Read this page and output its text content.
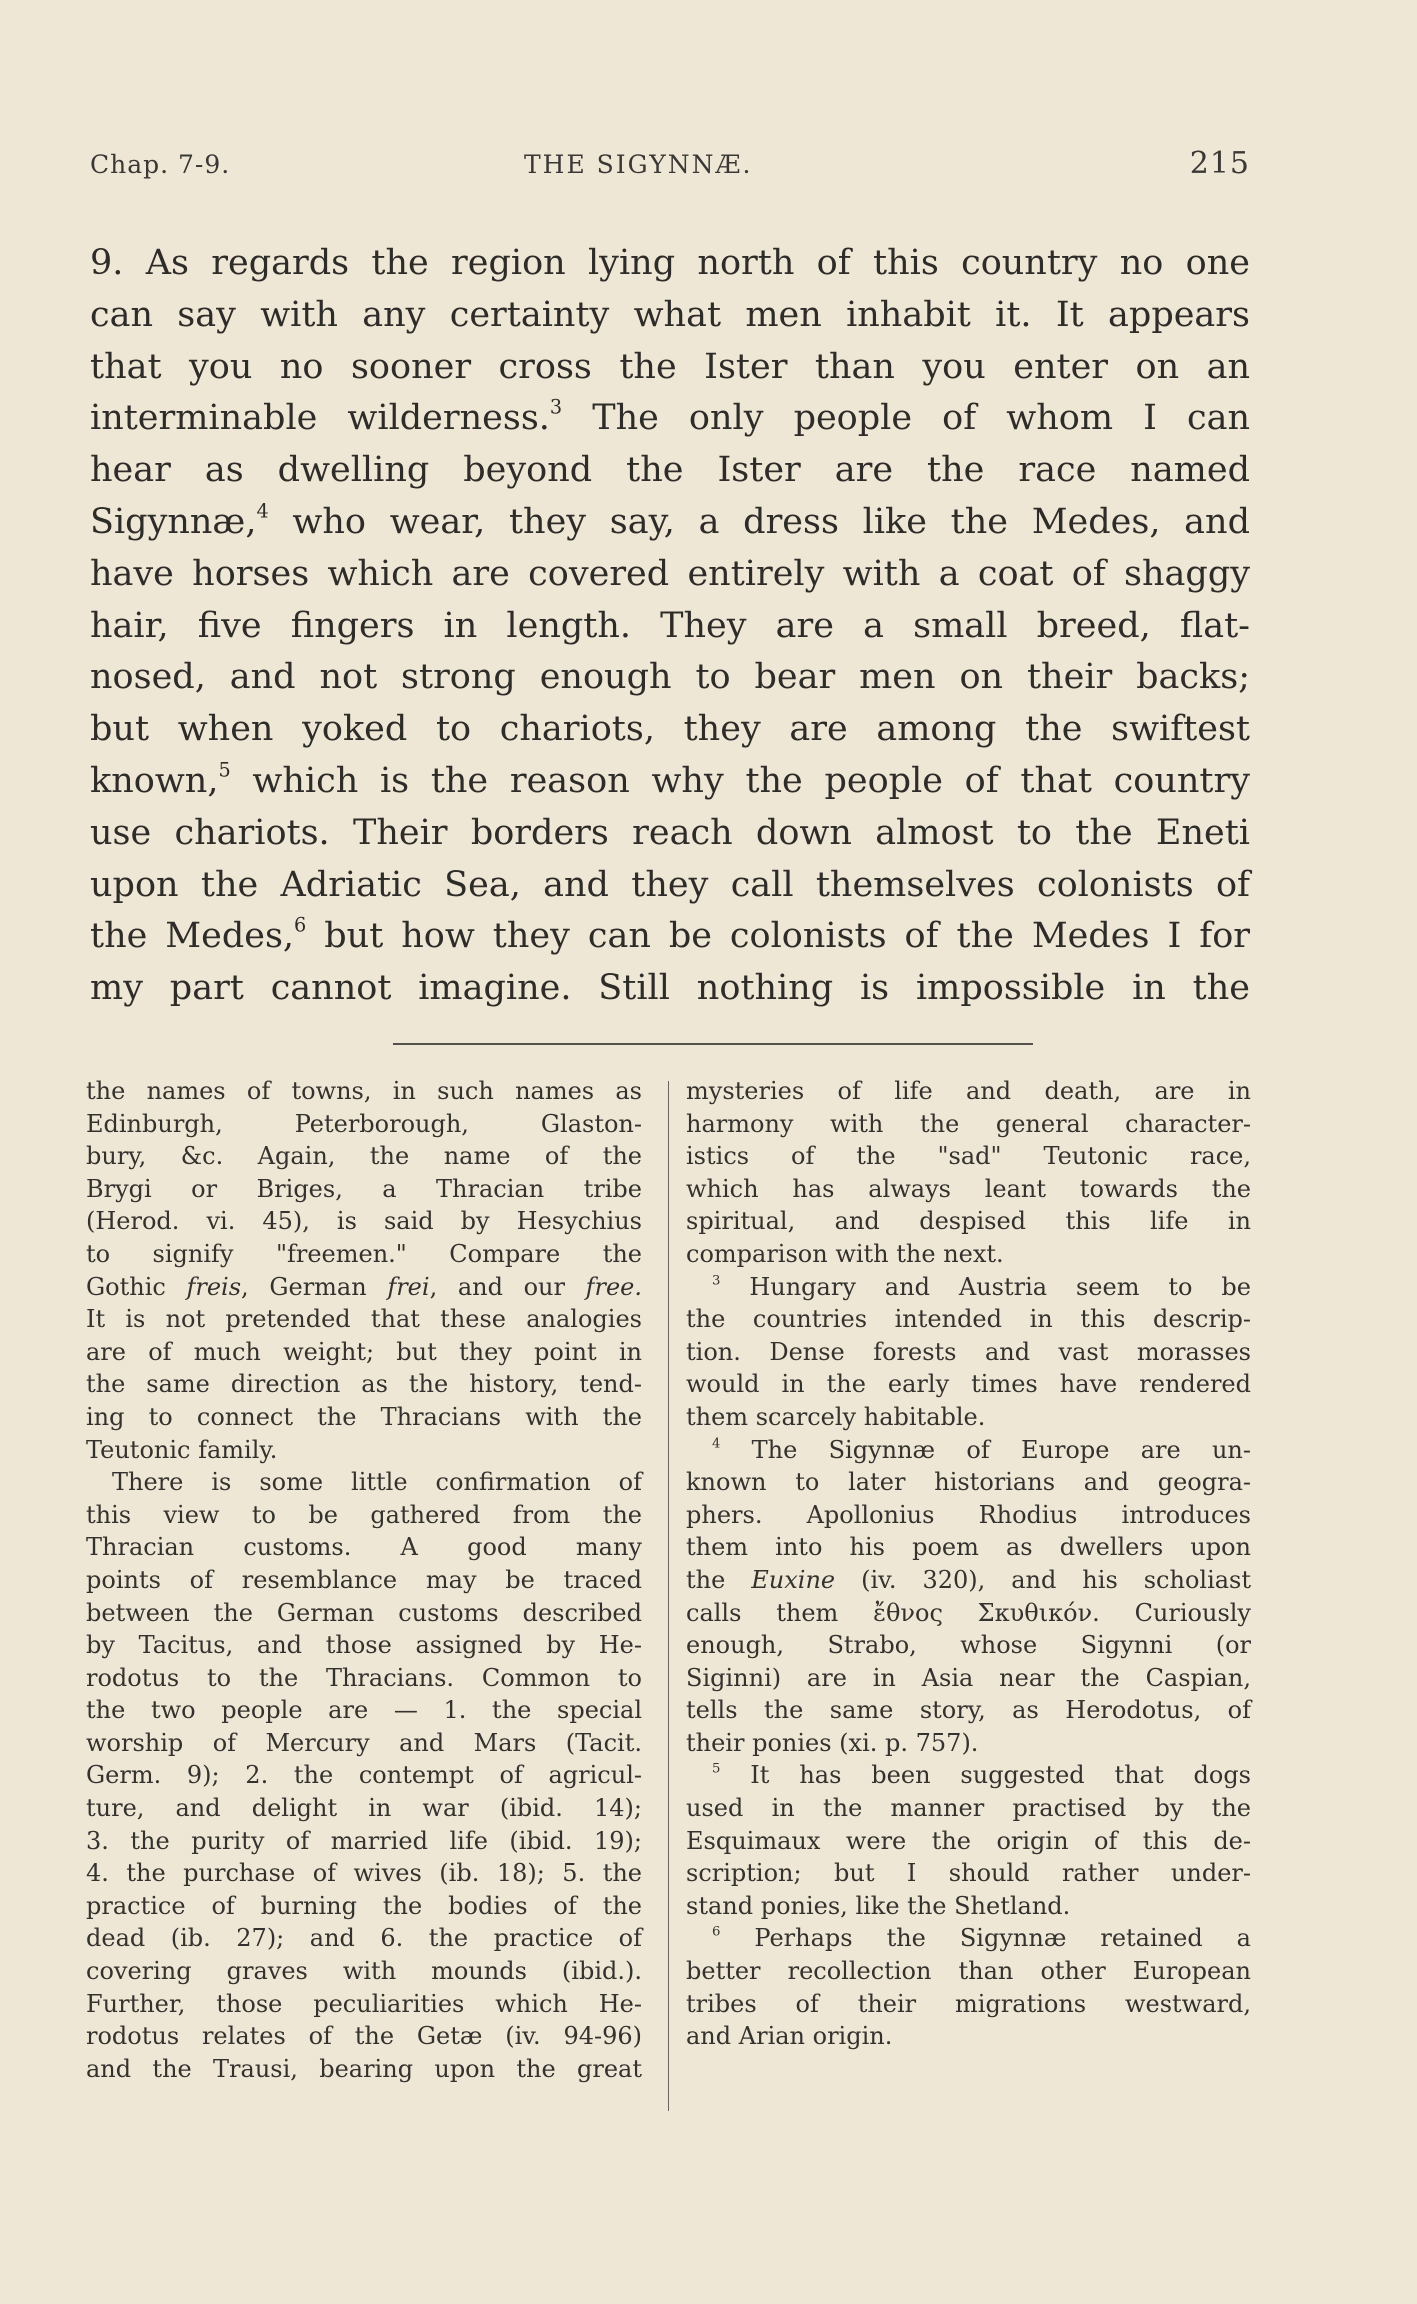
Chap. 7-9.	THE SIGYNNÆ.	215
9. As regards the region lying north of this country no one
can say with any certainty what men inhabit it. It appears
that you no sooner cross the Ister than you enter on an
interminable wilderness.$^3$ The only people of whom I can
hear as dwelling beyond the Ister are the race named
Sigynnæ,$^4$ who wear, they say, a dress like the Medes, and
have horses which are covered entirely with a coat of shaggy
hair, five fingers in length. They are a small breed, flat-
nosed, and not strong enough to bear men on their backs;
but when yoked to chariots, they are among the swiftest
known,$^5$ which is the reason why the people of that country
use chariots. Their borders reach down almost to the Eneti
upon the Adriatic Sea, and they call themselves colonists of
the Medes,$^6$ but how they can be colonists of the Medes I for
my part cannot imagine. Still nothing is impossible in the
the names of towns, in such names as
Edinburgh, Peterborough, Glaston-
bury, &c. Again, the name of the
Brygi or Briges, a Thracian tribe
(Herod. vi. 45), is said by Hesychius
to signify "freemen." Compare the
Gothic freis, German frei, and our free.
It is not pretended that these analogies
are of much weight; but they point in
the same direction as the history, tend-
ing to connect the Thracians with the
Teutonic family.
There is some little confirmation of
this view to be gathered from the
Thracian customs. A good many
points of resemblance may be traced
between the German customs described
by Tacitus, and those assigned by He-
rodotus to the Thracians. Common to
the two people are — 1. the special
worship of Mercury and Mars (Tacit.
Germ. 9); 2. the contempt of agricul-
ture, and delight in war (ibid. 14);
3. the purity of married life (ibid. 19);
4. the purchase of wives (ib. 18); 5. the
practice of burning the bodies of the
dead (ib. 27); and 6. the practice of
covering graves with mounds (ibid.).
Further, those peculiarities which He-
rodotus relates of the Getæ (iv. 94-96)
and the Trausi, bearing upon the great
mysteries of life and death, are in
harmony with the general character-
istics of the "sad" Teutonic race,
which has always leant towards the
spiritual, and despised this life in
comparison with the next.
$^3$ Hungary and Austria seem to be
the countries intended in this descrip-
tion. Dense forests and vast morasses
would in the early times have rendered
them scarcely habitable.
$^4$ The Sigynnæ of Europe are un-
known to later historians and geogra-
phers. Apollonius Rhodius introduces
them into his poem as dwellers upon
the Euxine (iv. 320), and his scholiast
calls them ἔθνος Σκυθικόν. Curiously
enough, Strabo, whose Sigynni (or
Siginni) are in Asia near the Caspian,
tells the same story, as Herodotus, of
their ponies (xi. p. 757).
$^5$ It has been suggested that dogs
used in the manner practised by the
Esquimaux were the origin of this de-
scription; but I should rather under-
stand ponies, like the Shetland.
$^6$ Perhaps the Sigynnæ retained a
better recollection than other European
tribes of their migrations westward,
and Arian origin.
